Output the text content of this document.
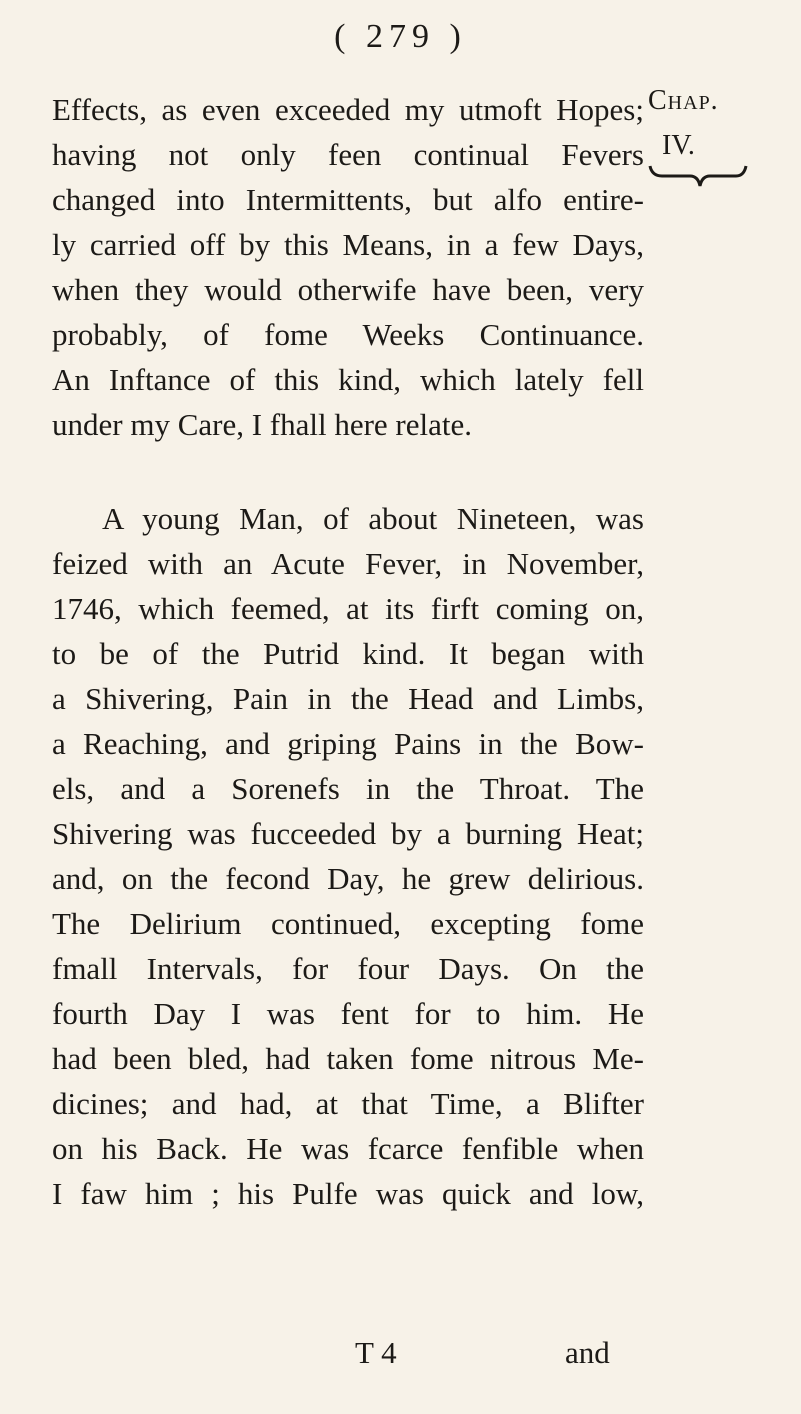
( 279 )
Chap.
IV.
Effects, as even exceeded my utmoft Hopes;
having not only feen continual Fevers
changed into Intermittents, but alfo entire-
ly carried off by this Means, in a few Days,
when they would otherwife have been, very
probably, of fome Weeks Continuance.
An Inftance of this kind, which lately fell
under my Care, I fhall here relate.
A young Man, of about Nineteen, was
feized with an Acute Fever, in November,
1746, which feemed, at its firft coming on,
to be of the Putrid kind. It began with
a Shivering, Pain in the Head and Limbs,
a Reaching, and griping Pains in the Bow-
els, and a Sorenefs in the Throat. The
Shivering was fucceeded by a burning Heat;
and, on the fecond Day, he grew delirious.
The Delirium continued, excepting fome
fmall Intervals, for four Days. On the
fourth Day I was fent for to him. He
had been bled, had taken fome nitrous Me-
dicines; and had, at that Time, a Blifter
on his Back. He was fcarce fenfible when
I faw him ; his Pulfe was quick and low,
T 4	and
